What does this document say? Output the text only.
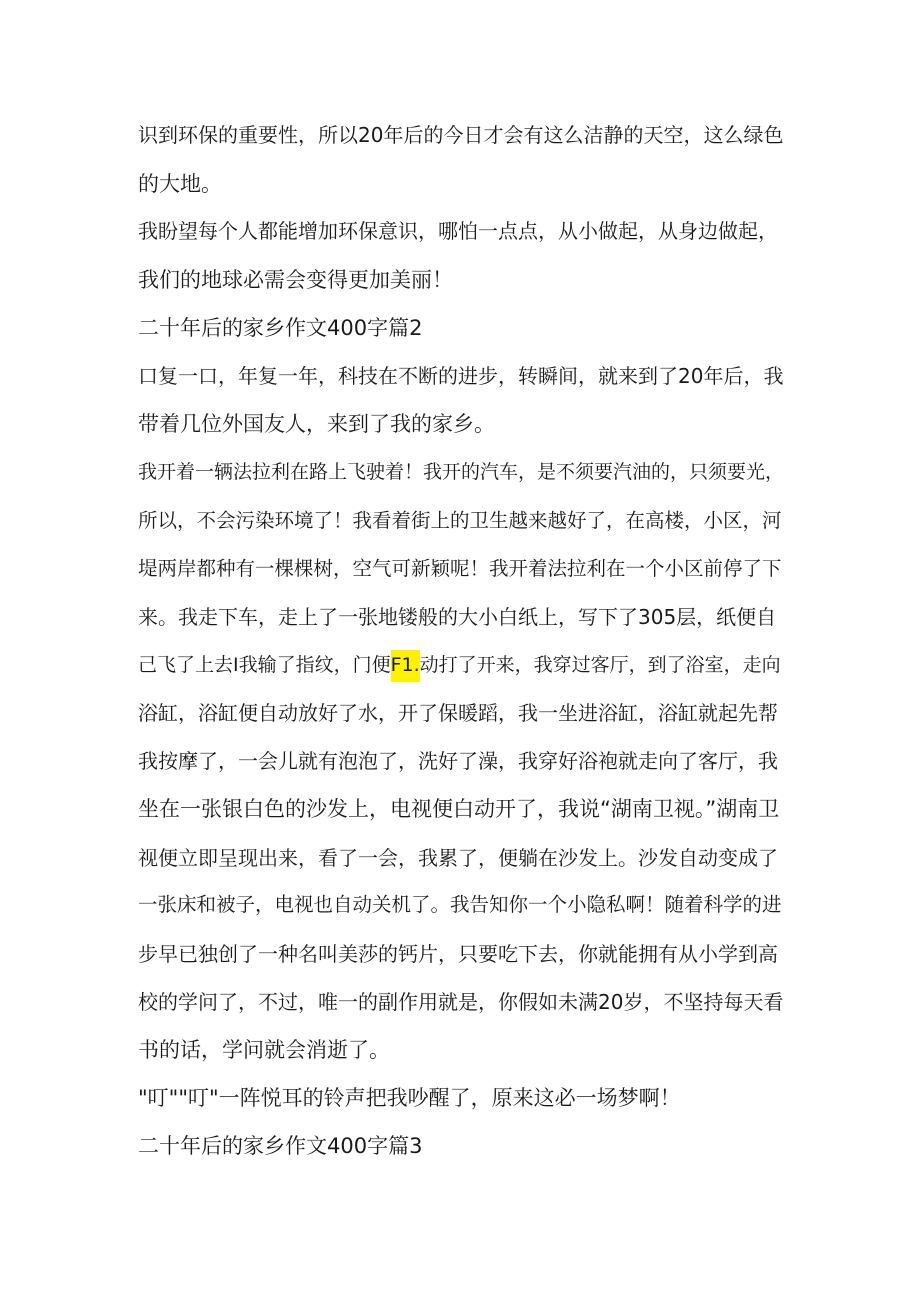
识到环保的重要性，所以20年后的今日才会有这么洁静的天空，这么绿色
的大地。
我盼望每个人都能增加环保意识，哪怕一点点，从小做起，从身边做起，
我们的地球必需会变得更加美丽！
二十年后的家乡作文400字篇2
口复一口，年复一年，科技在不断的进步，转瞬间，就来到了20年后，我
带着几位外国友人，来到了我的家乡。
我开着一辆法拉利在路上飞驶着！我开的汽车，是不须要汽油的，只须要光，
所以，不会污染环境了！我看着街上的卫生越来越好了，在高楼，小区，河
堤两岸都种有一棵棵树，空气可新颖呢！我开着法拉利在一个小区前停了下
来。我走下车，走上了一张地镂般的大小白纸上，写下了305层，纸便自
己飞了上去I我输了指纹，门便F1.动打了开来，我穿过客厅，到了浴室，走向
浴缸，浴缸便自动放好了水，开了保暖蹈，我一坐进浴缸，浴缸就起先帮
我按摩了，一会儿就有泡泡了，洗好了澡，我穿好浴袍就走向了客厅，我
坐在一张银白色的沙发上，电视便白动开了，我说“湖南卫视。”湖南卫
视便立即呈现出来，看了一会，我累了，便躺在沙发上。沙发自动变成了
一张床和被子，电视也自动关机了。我告知你一个小隐私啊！随着科学的进
步早已独创了一种名叫美莎的钙片，只要吃下去，你就能拥有从小学到高
校的学问了，不过，唯一的副作用就是，你假如未满20岁，不坚持每天看
书的话，学问就会消逝了。
"叮""叮"一阵悦耳的铃声把我吵醒了，原来这必一场梦啊！
二十年后的家乡作文400字篇3
